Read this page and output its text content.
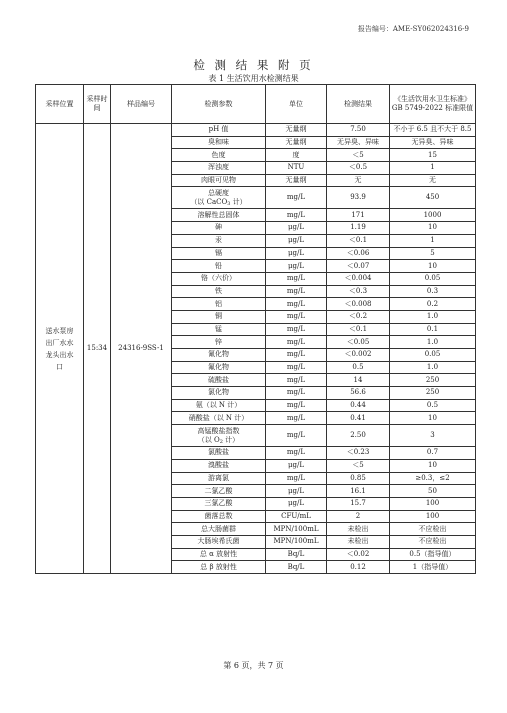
报告编号：AME-SY062024316-9
检 测 结 果 附 页
表 1 生活饮用水检测结果
采样位置	采样时间	样品编号	检测参数	单位	检测结果	《生活饮用水卫生标准》GB 5749-2022 标准限值
送水泵房出厂水水龙头出水口	15:34	24316-9SS-1	pH 值	无量纲	7.50	不小于 6.5 且不大于 8.5
			臭和味	无量纲	无异臭、异味	无异臭、异味
			色度	度	＜5	15
			浑浊度	NTU	＜0.5	1
			肉眼可见物	无量纲	无	无
			总硬度
（以 CaCO$_3$ 计）	mg/L	93.9	450
			溶解性总固体	mg/L	171	1000
			砷	μg/L	1.19	10
			汞	μg/L	＜0.1	1
			镉	μg/L	＜0.06	5
			铅	μg/L	＜0.07	10
			铬（六价）	mg/L	＜0.004	0.05
			铁	mg/L	＜0.3	0.3
			铝	mg/L	＜0.008	0.2
			铜	mg/L	＜0.2	1.0
			锰	mg/L	＜0.1	0.1
			锌	mg/L	＜0.05	1.0
			氰化物	mg/L	＜0.002	0.05
			氟化物	mg/L	0.5	1.0
			硫酸盐	mg/L	14	250
			氯化物	mg/L	56.6	250
			氨（以 N 计）	mg/L	0.44	0.5
			硝酸盐（以 N 计）	mg/L	0.41	10
			高锰酸盐指数
（以 $O_2$ 计）	mg/L	2.50	3
			氯酸盐	mg/L	＜0.23	0.7
			溴酸盐	μg/L	＜5	10
			游离氯	mg/L	0.85	≥0.3，≤2
			二氯乙酸	μg/L	16.1	50
			三氯乙酸	μg/L	15.7	100
			菌落总数	CFU/mL	2	100
			总大肠菌群	MPN/100mL	未检出	不应检出
			大肠埃希氏菌	MPN/100mL	未检出	不应检出
			总 α 放射性	Bq/L	＜0.02	0.5（指导值）
			总 β 放射性	Bq/L	0.12	1（指导值）
第 6 页，共 7 页
